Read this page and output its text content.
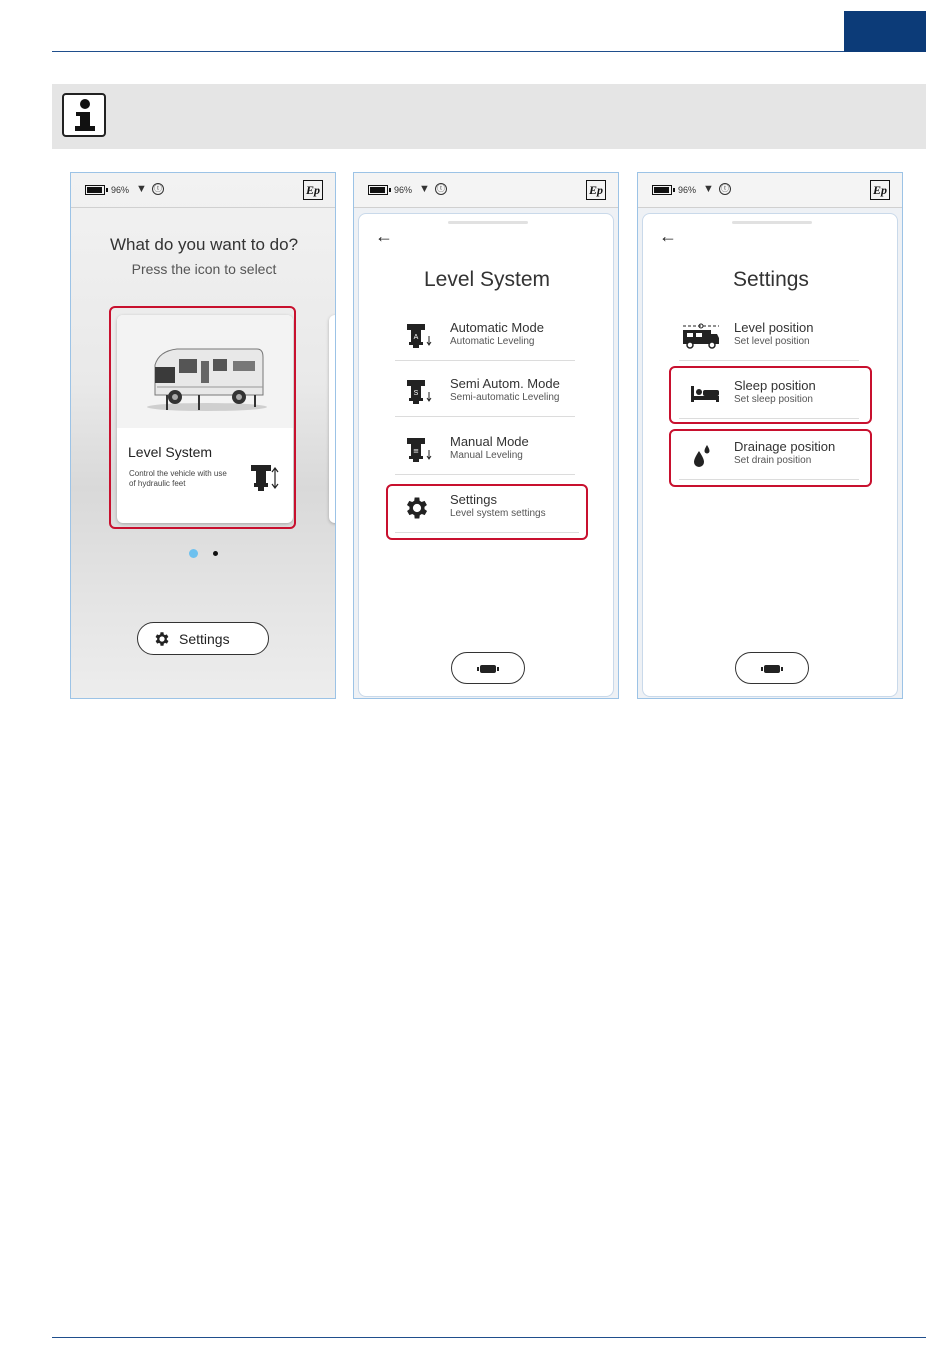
96% ▼ ⓣ	Ep
What do you want to do?
Press the icon to select
Level System
Control the vehicle with use of hydraulic feet
Settings
96% ▼ ⓣ	Ep
←
Level System
A
Automatic Mode
Automatic Leveling
S
Semi Autom. Mode
Semi-automatic Leveling
≡
Manual Mode
Manual Leveling
Settings
Level system settings
96% ▼ ⓣ	Ep
←
Settings
Level position
Set level position
Sleep position
Set sleep position
Drainage position
Set drain position
